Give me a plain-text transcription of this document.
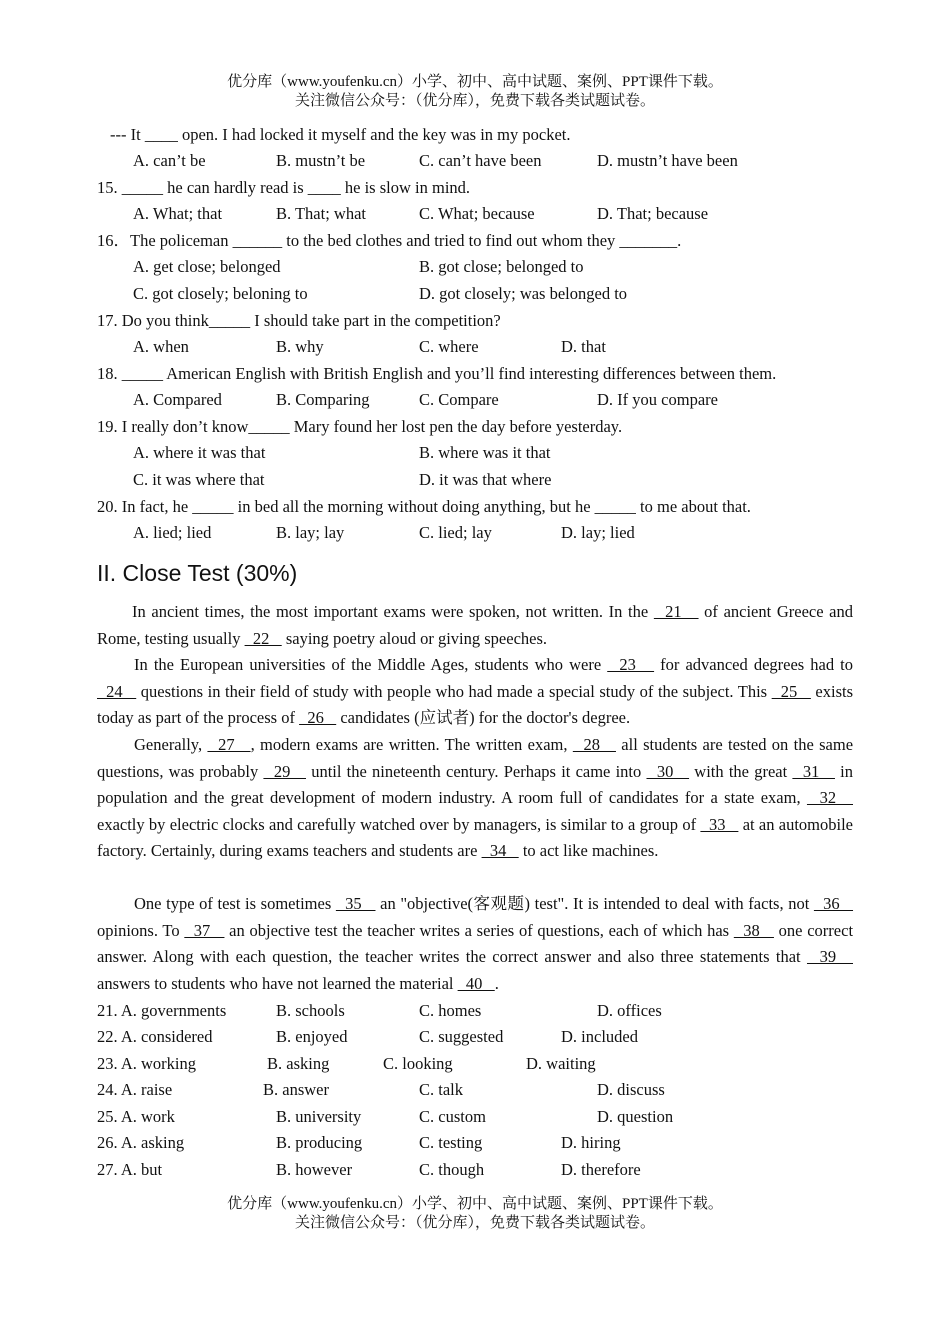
优分库（www.youfenku.cn）小学、初中、高中试题、案例、PPT课件下载。
关注微信公众号：（优分库），免费下载各类试题试卷。
--- It ____ open. I had locked it myself and the key was in my pocket.
A. can’t be	B. mustn’t be	C. can’t have been	D. mustn’t have been
15. _____ he can hardly read is ____ he is slow in mind.
A. What; that	B. That; what	C. What; because	D. That; because
16．The policeman ______ to the bed clothes and tried to find out whom they _______.
A. get close; belonged	B. got close; belonged to
C. got closely; beloning to	D. got closely; was belonged to
17. Do you think_____ I should take part in the competition?
A. when	B. why	C. where	D. that
18. _____ American English with British English and you’ll find interesting differences between them.
A. Compared	B. Comparing	C. Compare	D. If you compare
19. I really don’t know_____ Mary found her lost pen the day before yesterday.
A. where it was that	B. where was it that
C. it was where that	D. it was that where
20. In fact, he _____ in bed all the morning without doing anything, but he _____ to me about that.
A. lied; lied	B. lay; lay	C. lied; lay	D. lay; lied
II. Close Test (30%)

In ancient times, the most important exams were spoken, not written. In the   21    of ancient Greece and Rome, testing usually   22    saying poetry aloud or giving speeches.

In the European universities of the Middle Ages, students who were   23    for advanced degrees had to   24    questions in their field of study with people who had made a special study of the subject. This   25    exists today as part of the process of   26    candidates (应试者) for the doctor's degree.

Generally,   27   , modern exams are written. The written exam,   28    all students are tested on the same questions, was probably   29    until the nineteenth century. Perhaps it came into   30    with the great   31    in population and the great development of modern industry. A room full of candidates for a state exam,   32    exactly by electric clocks and carefully watched over by managers, is similar to a group of   33    at an automobile factory. Certainly, during exams teachers and students are   34    to act like machines.

One type of test is sometimes   35    an "objective(客观题) test". It is intended to deal with facts, not   36    opinions. To   37    an objective test the teacher writes a series of questions, each of which has   38    one correct answer. Along with each question, the teacher writes the correct answer and also three statements that   39    answers to students who have not learned the material   40   .

21. A. governments	B. schools	C. homes	D. offices
22. A. considered	B. enjoyed	C. suggested	D. included
23. A. working	B. asking	C. looking	D. waiting
24. A. raise	B. answer	C. talk	D. discuss
25. A. work	B. university	C. custom	D. question
26. A. asking	B. producing	C. testing	D. hiring
27. A. but	B. however	C. though	D. therefore
优分库（www.youfenku.cn）小学、初中、高中试题、案例、PPT课件下载。
关注微信公众号：（优分库），免费下载各类试题试卷。
